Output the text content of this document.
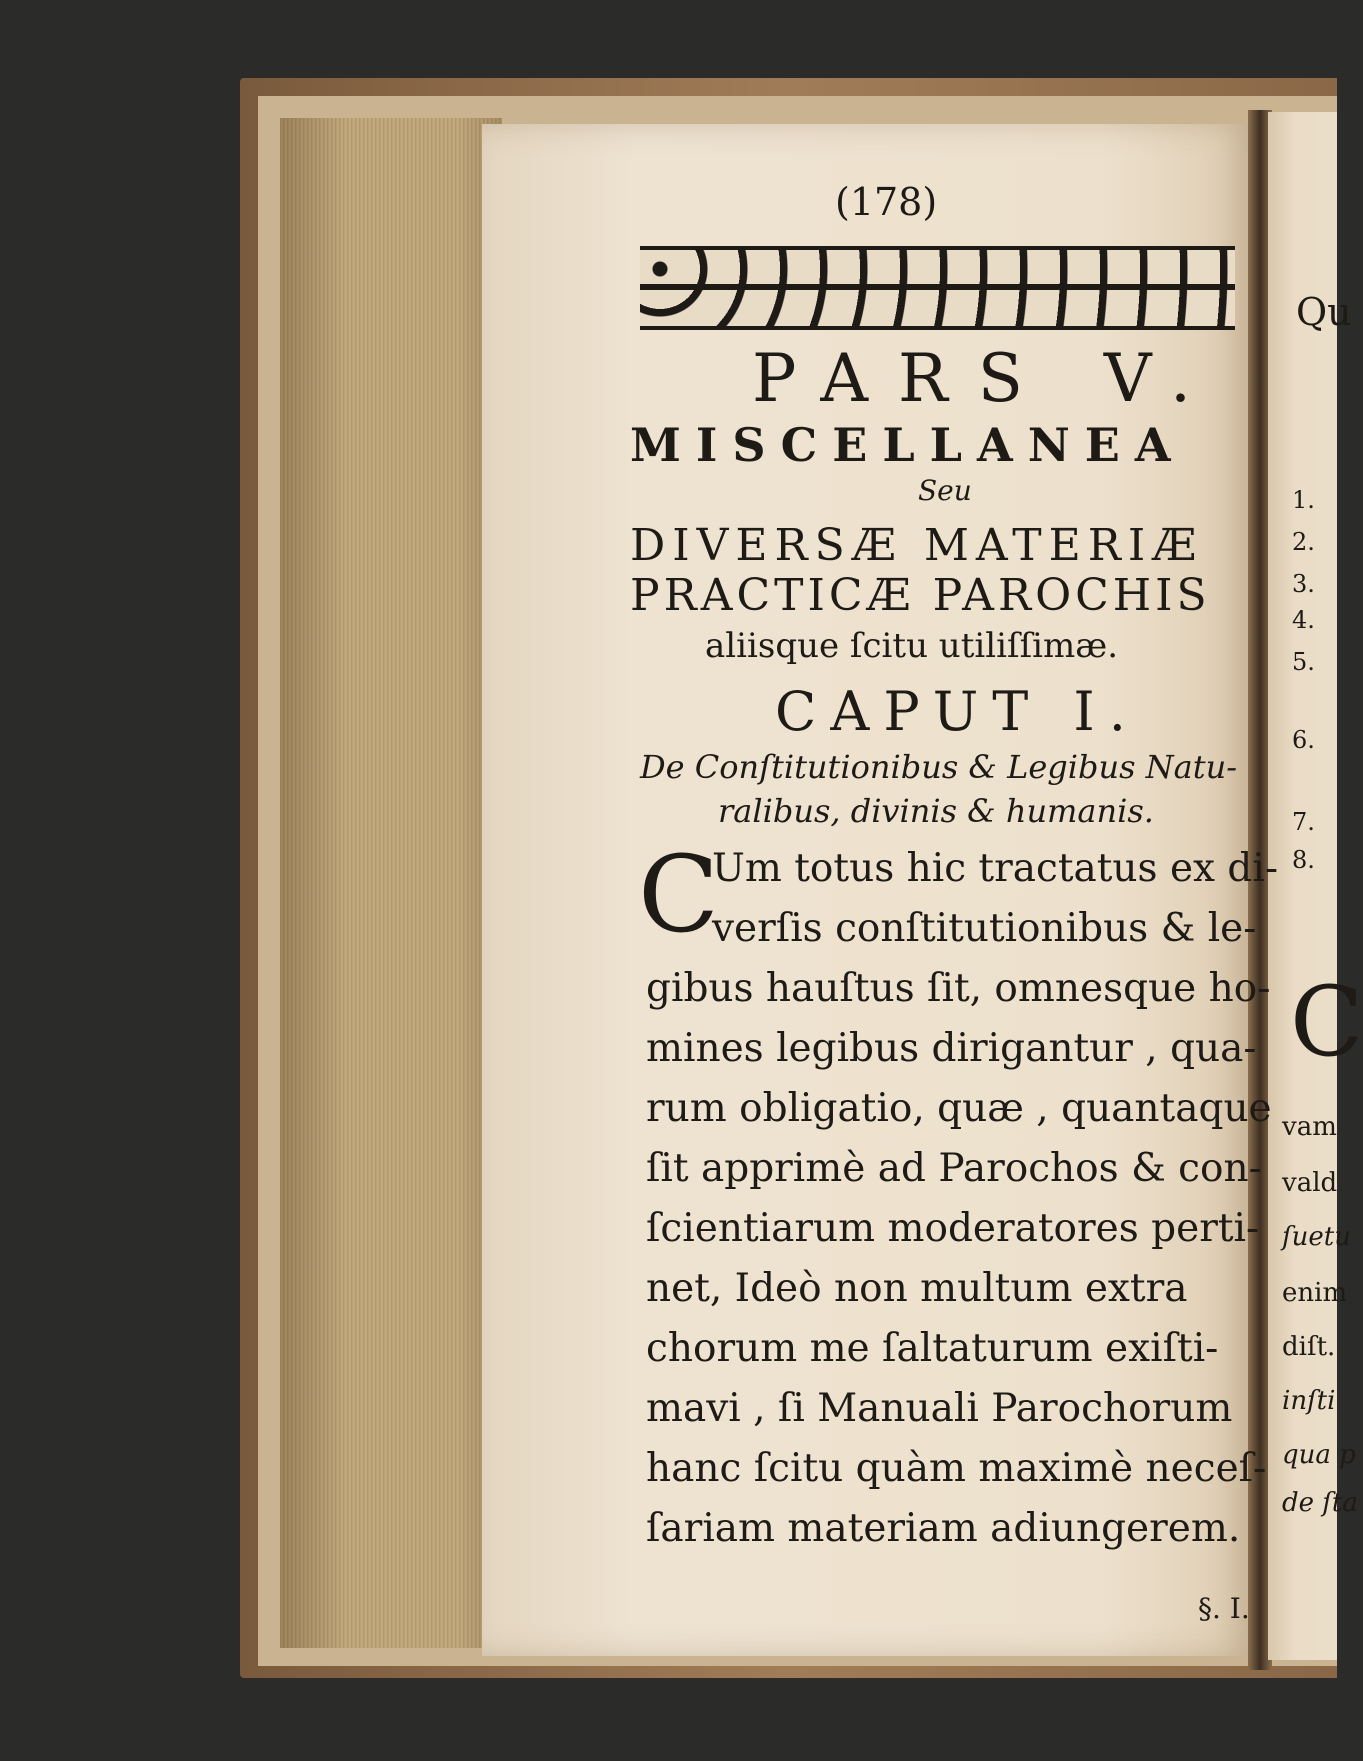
(178)
PARS V.
MISCELLANEA
Seu
DIVERSÆ MATERIÆ
PRACTICÆ PAROCHIS
aliisque ſcitu utiliſſimæ.
CAPUT I.
De Conſtitutionibus & Legibus Natu-
ralibus, divinis & humanis.
C
Um totus hic tractatus ex di-
verſis conſtitutionibus & le-
gibus hauſtus ſit, omnesque ho-
mines legibus dirigantur , qua-
rum obligatio, quæ , quantaque
ſit apprimè ad Parochos & con-
ſcientiarum moderatores perti-
net, Ideò non multum extra
chorum me ſaltaturum exiſti-
mavi , ſi Manuali Parochorum
hanc ſcitu quàm maximè neceſ-
ſariam materiam adiungerem.
§. I.
Qu
1.
2.
3.
4.
5.
6.
7.
8.
C
vam
vald
ſuetu
enim
diſt.
inſti
qua p
de ſta
